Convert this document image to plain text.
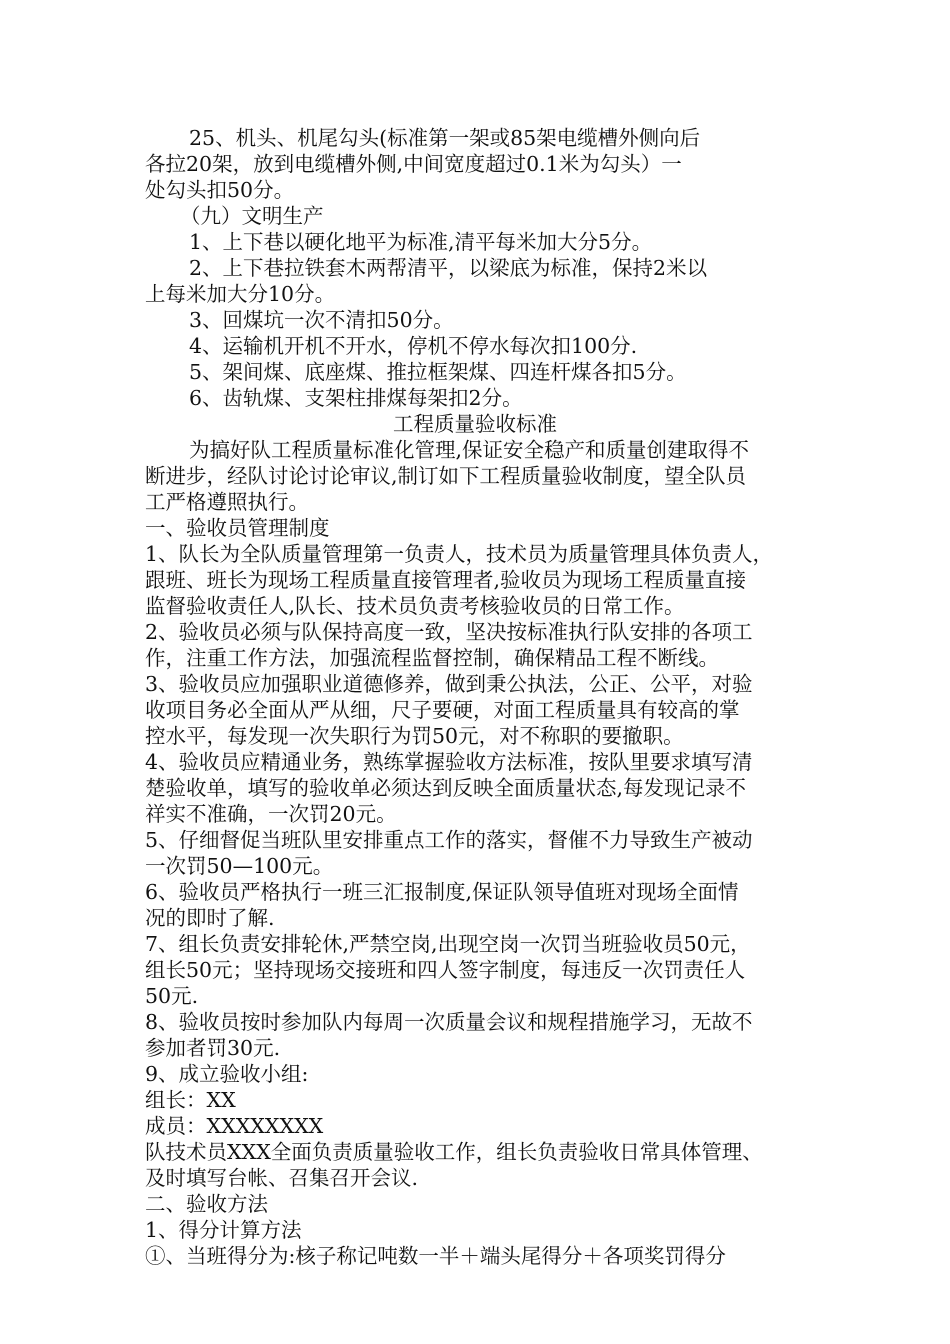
25、机头、机尾勾头(标准第一架或85架电缆槽外侧向后
各拉20架，放到电缆槽外侧,中间宽度超过0.1米为勾头）一
处勾头扣50分。
（九）文明生产
1、上下巷以硬化地平为标准,清平每米加大分5分。
2、上下巷拉铁套木两帮清平，以梁底为标准，保持2米以
上每米加大分10分。
3、回煤坑一次不清扣50分。
4、运输机开机不开水，停机不停水每次扣100分.
5、架间煤、底座煤、推拉框架煤、四连杆煤各扣5分。
6、齿轨煤、支架柱排煤每架扣2分。
工程质量验收标准
为搞好队工程质量标准化管理,保证安全稳产和质量创建取得不
断进步，经队讨论讨论审议,制订如下工程质量验收制度，望全队员
工严格遵照执行。
一、验收员管理制度
1、队长为全队质量管理第一负责人，技术员为质量管理具体负责人，
跟班、班长为现场工程质量直接管理者,验收员为现场工程质量直接
监督验收责任人,队长、技术员负责考核验收员的日常工作。
2、验收员必须与队保持高度一致，坚决按标准执行队安排的各项工
作，注重工作方法，加强流程监督控制，确保精品工程不断线。
3、验收员应加强职业道德修养，做到秉公执法，公正、公平，对验
收项目务必全面从严从细，尺子要硬，对面工程质量具有较高的掌
控水平，每发现一次失职行为罚50元，对不称职的要撤职。
4、验收员应精通业务，熟练掌握验收方法标准，按队里要求填写清
楚验收单，填写的验收单必须达到反映全面质量状态,每发现记录不
祥实不准确，一次罚20元。
5、仔细督促当班队里安排重点工作的落实，督催不力导致生产被动
一次罚50—100元。
6、验收员严格执行一班三汇报制度,保证队领导值班对现场全面情
况的即时了解.
7、组长负责安排轮休,严禁空岗,出现空岗一次罚当班验收员50元，
组长50元；坚持现场交接班和四人签字制度，每违反一次罚责任人
50元.
8、验收员按时参加队内每周一次质量会议和规程措施学习，无故不
参加者罚30元.
9、成立验收小组:
组长：XX
成员：XXXXXXXX
队技术员XXX全面负责质量验收工作，组长负责验收日常具体管理、
及时填写台帐、召集召开会议.
二、验收方法
1、得分计算方法
①、当班得分为:核子称记吨数一半＋端头尾得分＋各项奖罚得分
